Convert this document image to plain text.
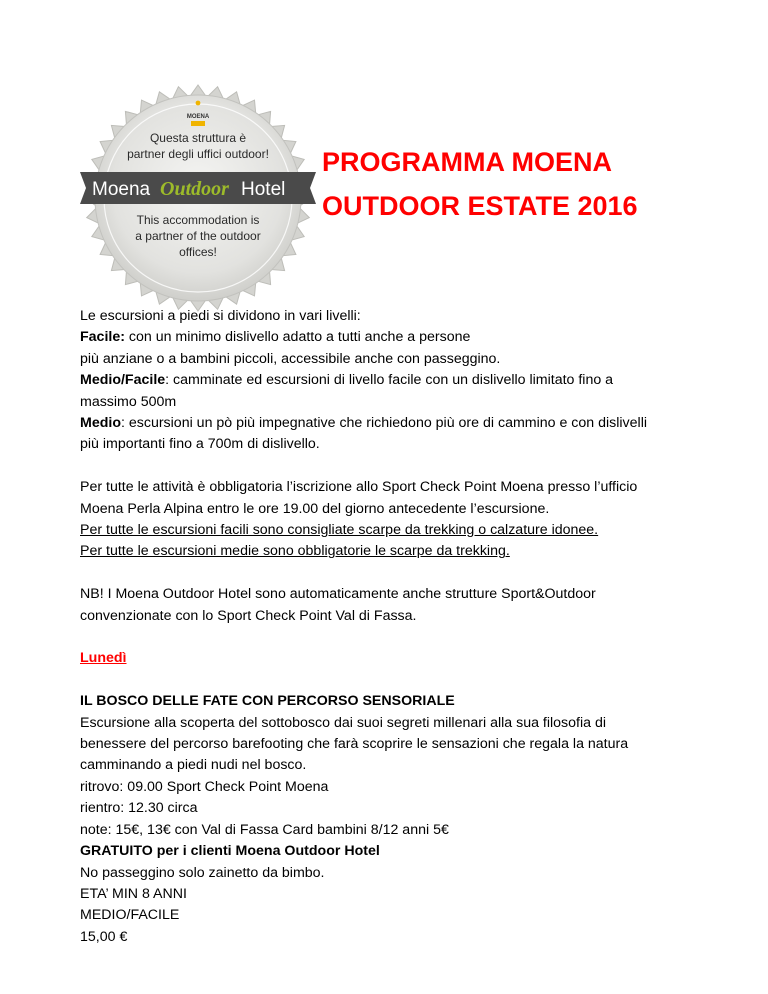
MOENA
Questa struttura è
partner degli uffici outdoor!
Moena Outdoor Hotel
This accommodation is
a partner of the outdoor
offices!
PROGRAMMA MOENA
OUTDOOR ESTATE 2016

Le escursioni a piedi si dividono in vari livelli:

Facile: con un minimo dislivello adatto a tutti anche a persone

più anziane o a bambini piccoli, accessibile anche con passeggino.

Medio/Facile: camminate ed escursioni di livello facile con un dislivello limitato fino a

massimo 500m

Medio: escursioni un pò più impegnative che richiedono più ore di cammino e con dislivelli

più importanti fino a 700m di dislivello.

Per tutte le attività è obbligatoria l’iscrizione allo Sport Check Point Moena presso l’ufficio

Moena Perla Alpina entro le ore 19.00 del giorno antecedente l’escursione.

Per tutte le escursioni facili sono consigliate scarpe da trekking o calzature idonee.

Per tutte le escursioni medie sono obbligatorie le scarpe da trekking.

NB! I Moena Outdoor Hotel sono automaticamente anche strutture Sport&Outdoor

convenzionate con lo Sport Check Point Val di Fassa.

Lunedì

IL BOSCO DELLE FATE CON PERCORSO SENSORIALE

Escursione alla scoperta del sottobosco dai suoi segreti millenari alla sua filosofia di

benessere del percorso barefooting che farà scoprire le sensazioni che regala la natura

camminando a piedi nudi nel bosco.

ritrovo: 09.00 Sport Check Point Moena

rientro: 12.30 circa

note: 15€, 13€ con Val di Fassa Card bambini 8/12 anni 5€

GRATUITO per i clienti Moena Outdoor Hotel

No passeggino solo zainetto da bimbo.

ETA’ MIN 8 ANNI

MEDIO/FACILE

15,00 €
